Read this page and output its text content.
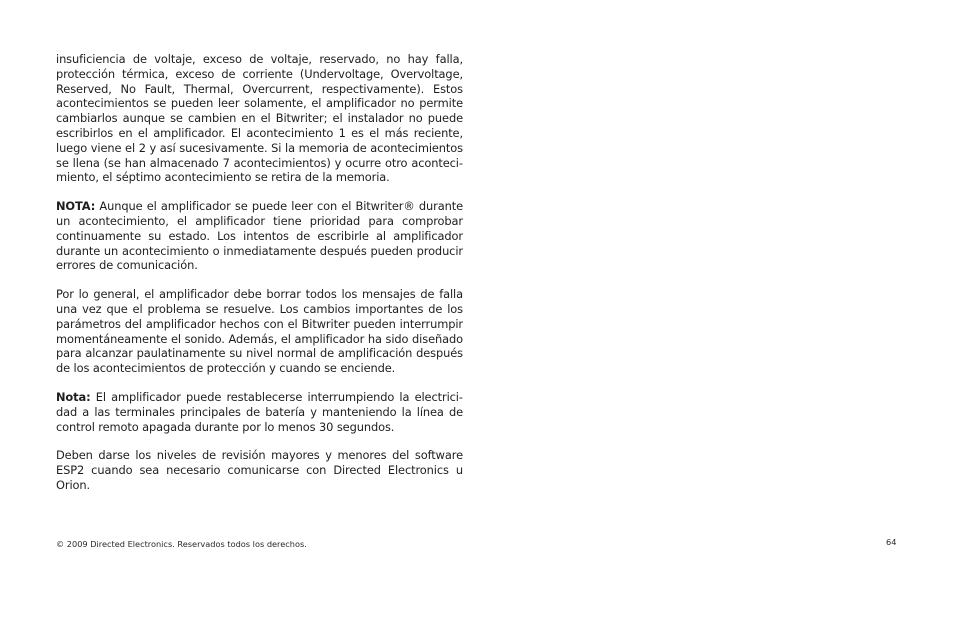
insuficiencia de voltaje, exceso de voltaje, reservado, no hay falla, protección térmica, exceso de corriente (Undervoltage, Overvoltage, Reserved, No Fault, Thermal, Overcurrent, respectivamente). Estos acontecimientos se pueden leer solamente, el amplificador no permite cambiarlos aunque se cambien en el Bitwriter; el instalador no puede escribirlos en el amplificador. El acontecimiento 1 es el más reciente, luego viene el 2 y así sucesivamente. Si la memoria de acontecimientos se llena (se han almacenado 7 acontecimientos) y ocurre otro acontecimiento, el séptimo acontecimiento se retira de la memoria.

NOTA: Aunque el amplificador se puede leer con el Bitwriter® durante un acontecimiento, el amplificador tiene prioridad para comprobar continuamente su estado. Los intentos de escribirle al amplificador durante un acontecimiento o inmediatamente después pueden producir errores de comunicación.

Por lo general, el amplificador debe borrar todos los mensajes de falla una vez que el problema se resuelve. Los cambios importantes de los parámetros del amplificador hechos con el Bitwriter pueden interrumpir momentáneamente el sonido. Además, el amplificador ha sido diseñado para alcanzar paulatinamente su nivel normal de amplificación después de los acontecimientos de protección y cuando se enciende.

Nota: El amplificador puede restablecerse interrumpiendo la electricidad a las terminales principales de batería y manteniendo la línea de control remoto apagada durante por lo menos 30 segundos.

Deben darse los niveles de revisión mayores y menores del software ESP2 cuando sea necesario comunicarse con Directed Electronics u Orion.

© 2009 Directed Electronics. Reservados todos los derechos.	64
